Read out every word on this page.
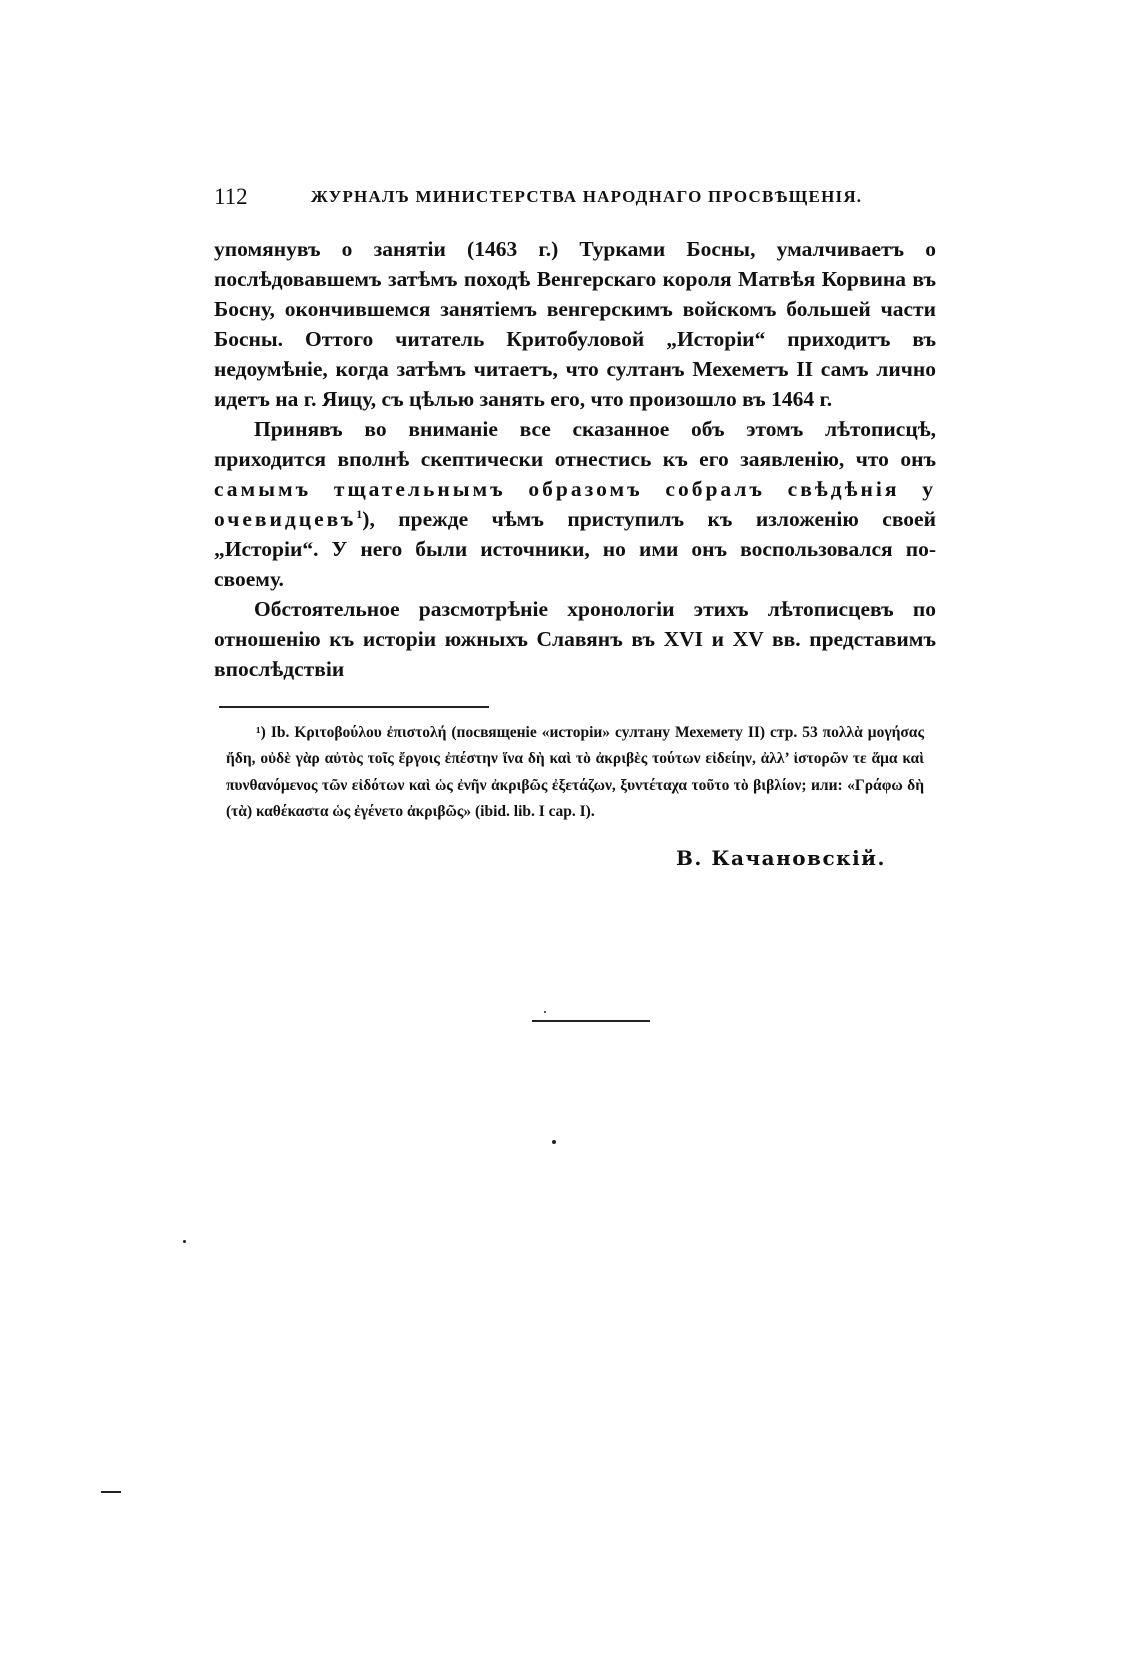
112	ЖУРНАЛЪ МИНИСТЕРСТВА НАРОДНАГО ПРОСВѢЩЕНІЯ.

упомянувъ о занятіи (1463 г.) Турками Босны, умалчиваетъ о послѣдовавшемъ затѣмъ походѣ Венгерскаго короля Матвѣя Корвина въ Босну, окончившемся занятіемъ венгерскимъ войскомъ большей части Босны. Оттого читатель Критобуловой „Исторіи“ приходитъ въ недоумѣніе, когда затѣмъ читаетъ, что султанъ Мехеметъ II самъ лично идетъ на г. Яицу, съ цѣлью занять его, что произошло въ 1464 г.

Принявъ во вниманіе все сказанное объ этомъ лѣтописцѣ, приходится вполнѣ скептически отнестись къ его заявленію, что онъ самымъ тщательнымъ образомъ собралъ свѣдѣнія у очевидцевъ$^1$), прежде чѣмъ приступилъ къ изложенію своей „Исторіи“. У него были источники, но ими онъ воспользовался по-своему.

Обстоятельное разсмотрѣніе хронологіи этихъ лѣтописцевъ по отношенію къ исторіи южныхъ Славянъ въ XVI и XV вв. представимъ впослѣдствіи

¹) Ib. Κριτοβούλου ἐπιστολή (посвященіе «исторіи» султану Мехемету II) стр. 53 πολλὰ μογήσας ἤδη, οὐδὲ γὰρ αὐτὸς τοῖς ἔργοις ἐπέστην ἵνα δὴ καὶ τὸ ἀκριβὲς τούτων εἰδείην, ἀλλ’ ἱστορῶν τε ἅμα καὶ πυνθανόμενος τῶν εἰδότων καὶ ὡς ἐνῆν ἀκριβῶς ἐξετάζων, ξυντέταχα τοῦτο τὸ βιβλίον; или: «Γράφω δὴ (τὰ) καθέκαστα ὡς ἐγένετο ἀκριβῶς» (ibid. lib. I cap. I).

В. Качановскій.
